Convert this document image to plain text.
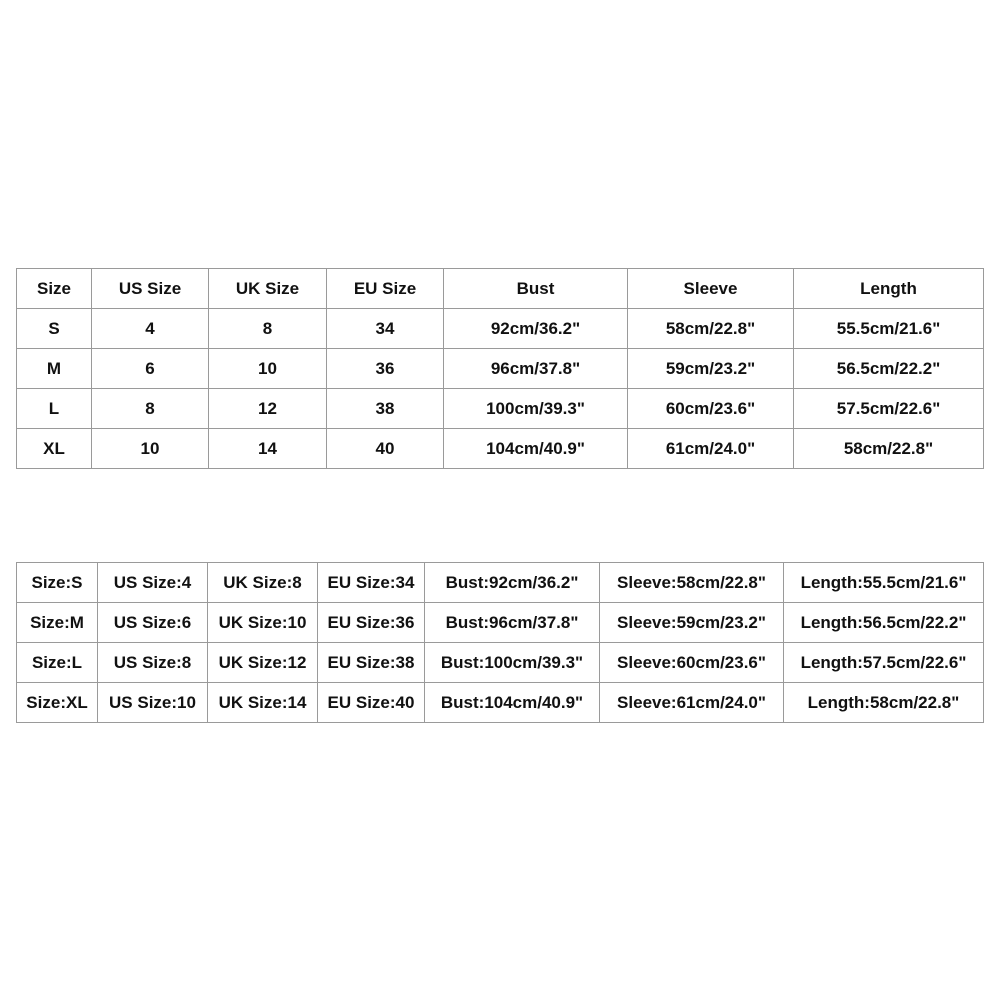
Size	US Size	UK Size	EU Size	Bust	Sleeve	Length
S	4	8	34	92cm/36.2"	58cm/22.8"	55.5cm/21.6"
M	6	10	36	96cm/37.8"	59cm/23.2"	56.5cm/22.2"
L	8	12	38	100cm/39.3"	60cm/23.6"	57.5cm/22.6"
XL	10	14	40	104cm/40.9"	61cm/24.0"	58cm/22.8"
Size:S	US Size:4	UK Size:8	EU Size:34	Bust:92cm/36.2"	Sleeve:58cm/22.8"	Length:55.5cm/21.6"
Size:M	US Size:6	UK Size:10	EU Size:36	Bust:96cm/37.8"	Sleeve:59cm/23.2"	Length:56.5cm/22.2"
Size:L	US Size:8	UK Size:12	EU Size:38	Bust:100cm/39.3"	Sleeve:60cm/23.6"	Length:57.5cm/22.6"
Size:XL	US Size:10	UK Size:14	EU Size:40	Bust:104cm/40.9"	Sleeve:61cm/24.0"	Length:58cm/22.8"
